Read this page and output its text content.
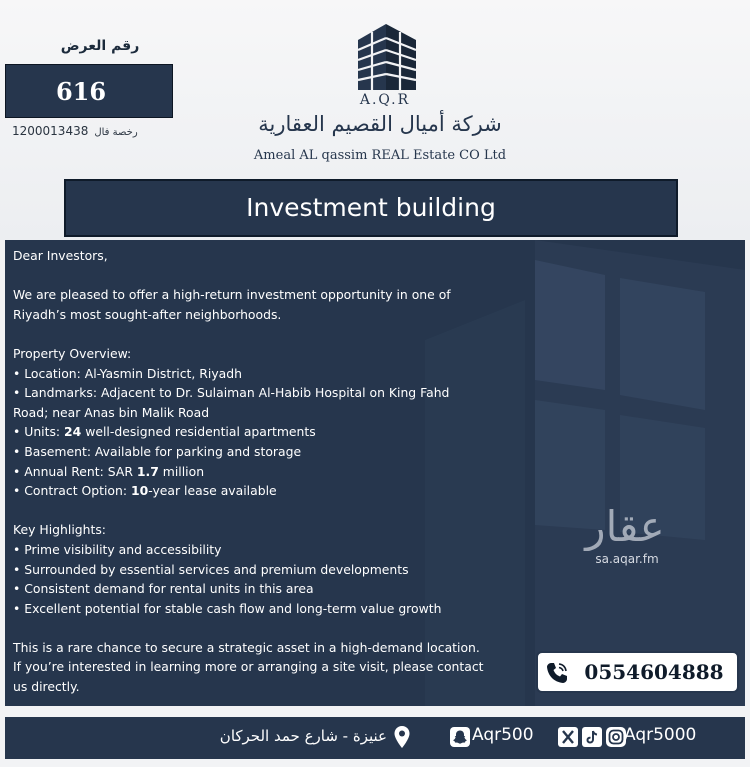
رقم العرض
616
1200013438 رخصة فال
A.Q.R
شركة أميال القصيم العقارية
Ameal AL qassim REAL Estate CO Ltd
Investment building

Dear Investors,

We are pleased to offer a high-return investment opportunity in one of

Riyadh’s most sought-after neighborhoods.

Property Overview:

• Location: Al-Yasmin District, Riyadh

• Landmarks: Adjacent to Dr. Sulaiman Al-Habib Hospital on King Fahd

Road; near Anas bin Malik Road

• Units: 24 well-designed residential apartments

• Basement: Available for parking and storage

• Annual Rent: SAR 1.7 million

• Contract Option: 10-year lease available

Key Highlights:

• Prime visibility and accessibility

• Surrounded by essential services and premium developments

• Consistent demand for rental units in this area

• Excellent potential for stable cash flow and long-term value growth

This is a rare chance to secure a strategic asset in a high-demand location.

If you’re interested in learning more or arranging a site visit, please contact

us directly.

عقار
sa.aqar.fm
0554604888
عنيزة - شارع حمد الحركان	Aqr500	Aqr5000
